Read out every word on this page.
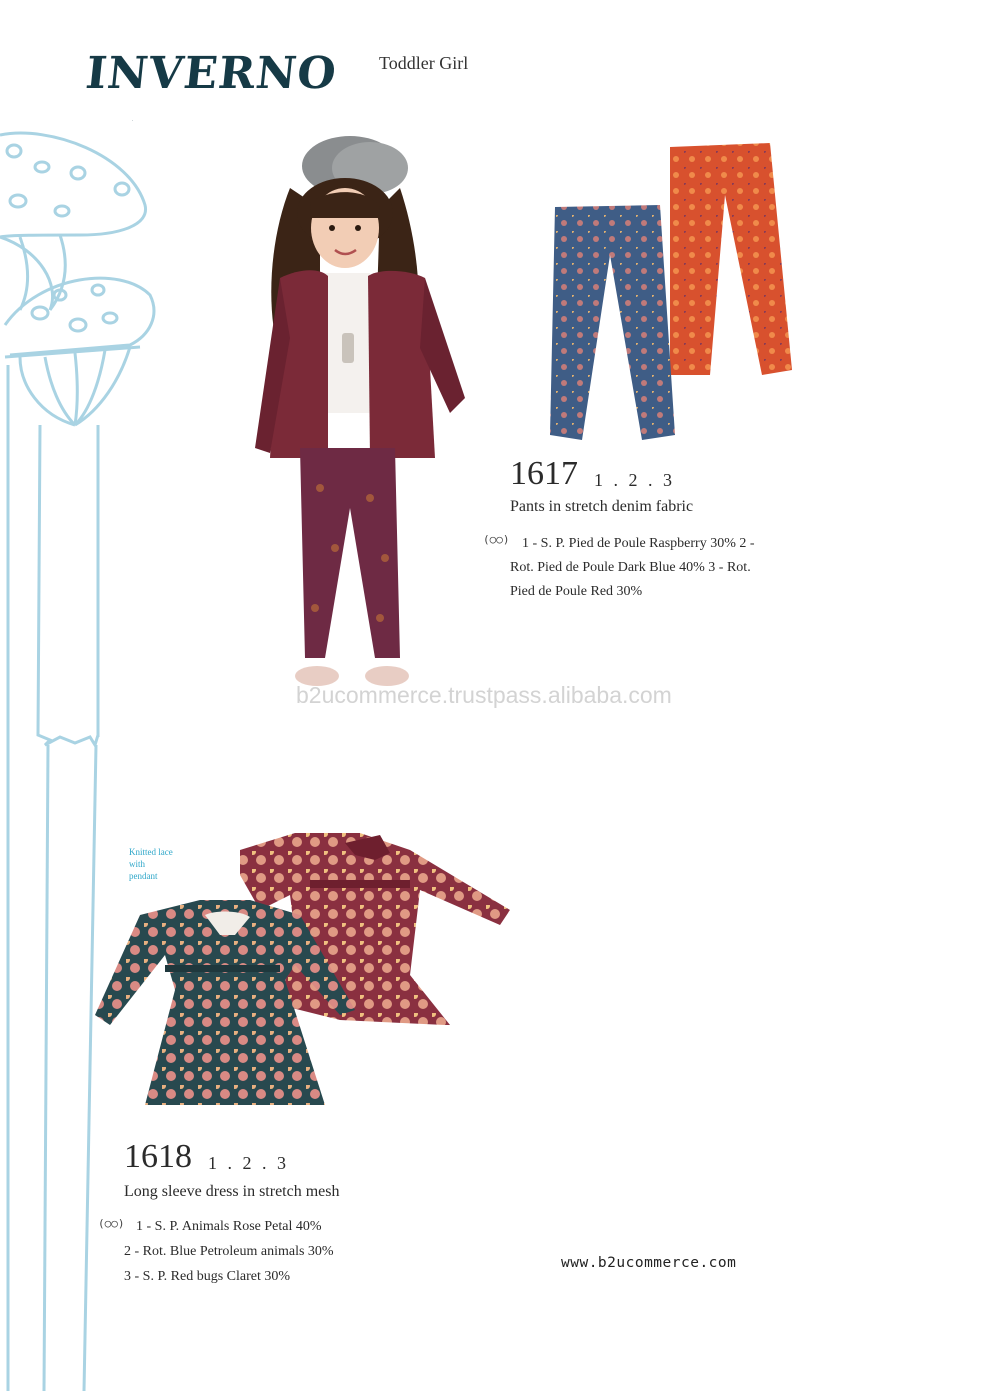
INVERNO
.
Toddler Girl
1617 1 . 2 . 3
Pants in stretch denim fabric
(○○) 1 - S. P. Pied de Poule Raspberry 30% 2 -
Rot. Pied de Poule Dark Blue 40% 3 - Rot.
Pied de Poule Red 30%
b2ucommerce.trustpass.alibaba.com
Knitted lace
with
pendant
1618 1 . 2 . 3
Long sleeve dress in stretch mesh
(○○) 1 - S. P. Animals Rose Petal 40%
2 - Rot. Blue Petroleum animals 30%
3 - S. P. Red bugs Claret 30%
www.b2ucommerce.com
